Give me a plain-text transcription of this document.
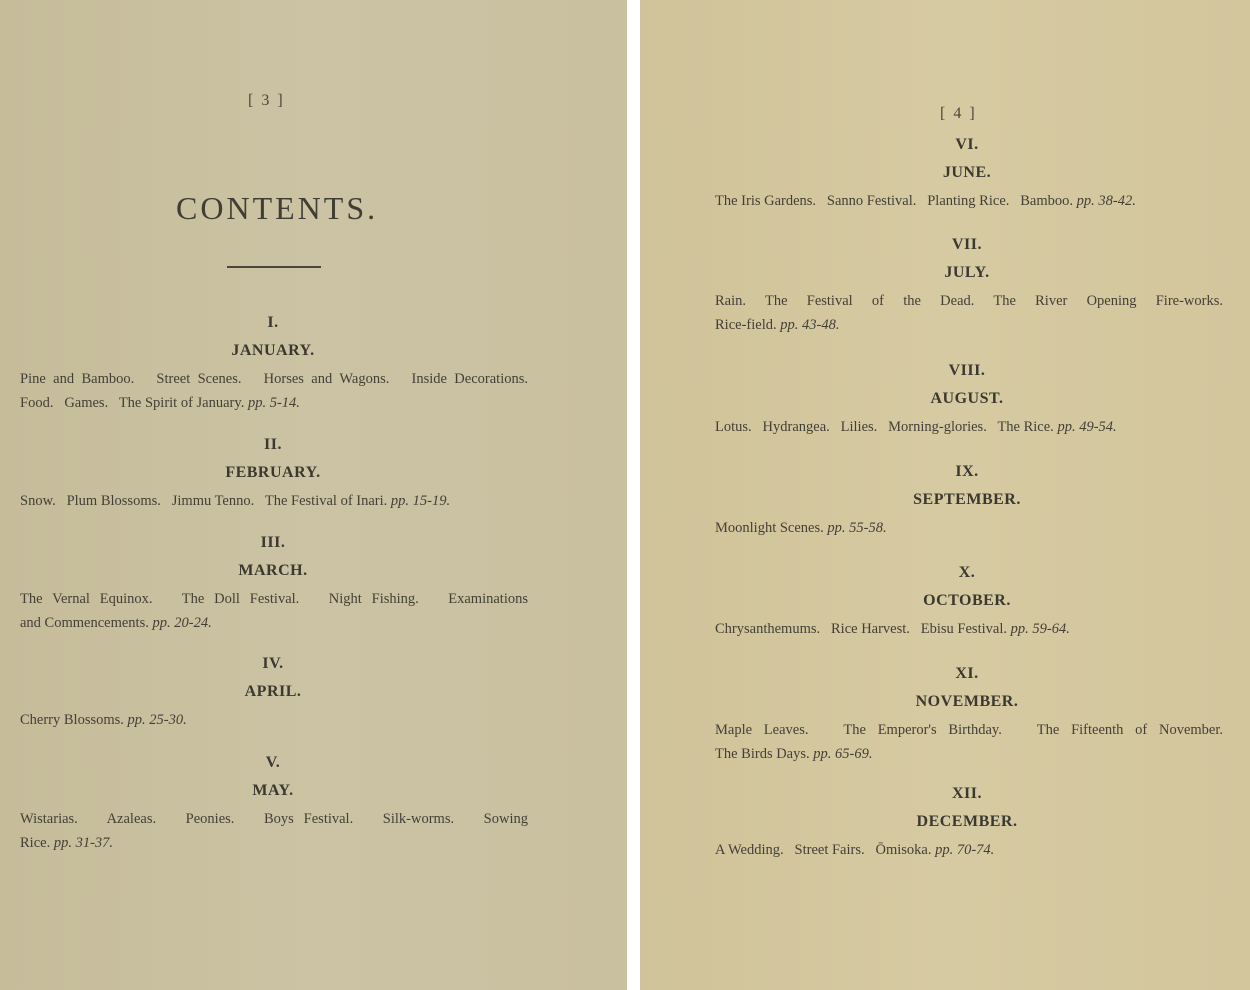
[ 3 ]
CONTENTS.
I.
JANUARY.
Pine and Bamboo.   Street Scenes.   Horses and Wagons.   Inside Decorations.
Food.   Games.   The Spirit of January. pp. 5-14.
II.
FEBRUARY.
Snow.   Plum Blossoms.   Jimmu Tenno.   The Festival of Inari. pp. 15-19.
III.
MARCH.
The Vernal Equinox.   The Doll Festival.   Night Fishing.   Examinations
and Commencements. pp. 20-24.
IV.
APRIL.
Cherry Blossoms. pp. 25-30.
V.
MAY.
Wistarias.   Azaleas.   Peonies.   Boys Festival.   Silk-worms.   Sowing
Rice. pp. 31-37.
[ 4 ]
VI.
JUNE.
The Iris Gardens.   Sanno Festival.   Planting Rice.   Bamboo. pp. 38-42.
VII.
JULY.
Rain.   The   Festival   of   the   Dead.   The   River   Opening   Fire-works.
Rice-field. pp. 43-48.
VIII.
AUGUST.
Lotus.   Hydrangea.   Lilies.   Morning-glories.   The Rice. pp. 49-54.
IX.
SEPTEMBER.
Moonlight Scenes. pp. 55-58.
X.
OCTOBER.
Chrysanthemums.   Rice Harvest.   Ebisu Festival. pp. 59-64.
XI.
NOVEMBER.
Maple Leaves.   The Emperor's Birthday.   The Fifteenth of November.
The Birds Days. pp. 65-69.
XII.
DECEMBER.
A Wedding.   Street Fairs.   Ōmisoka. pp. 70-74.
